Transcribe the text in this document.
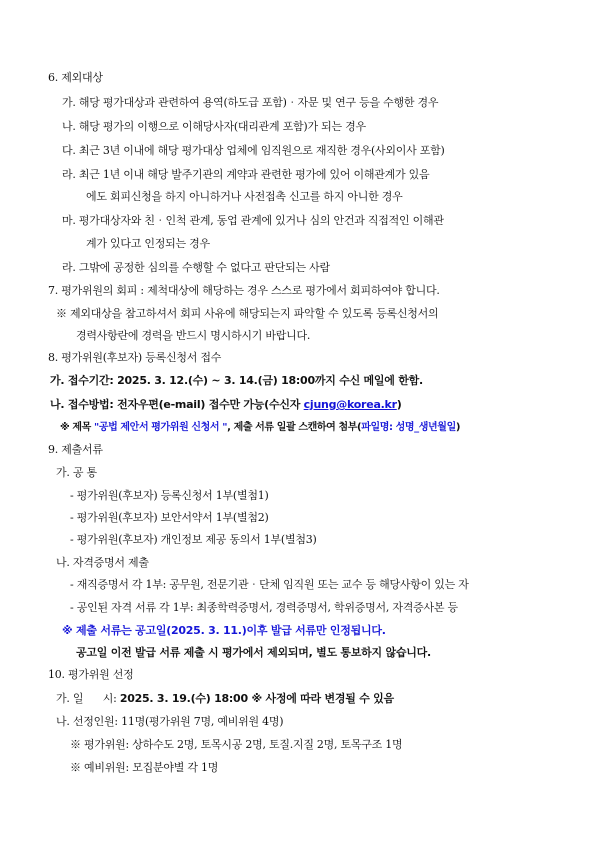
6. 제외대상
가. 해당 평가대상과 관련하여 용역(하도급 포함)‧자문 및 연구 등을 수행한 경우
나. 해당 평가의 이행으로 이해당사자(대리관계 포함)가 되는 경우
다. 최근 3년 이내에 해당 평가대상 업체에 임직원으로 재직한 경우(사외이사 포함)
라. 최근 1년 이내 해당 발주기관의 계약과 관련한 평가에 있어 이해관계가 있음
에도 회피신청을 하지 아니하거나 사전접촉 신고를 하지 아니한 경우
마. 평가대상자와 친‧인척 관계, 동업 관계에 있거나 심의 안건과 직접적인 이해관
계가 있다고 인정되는 경우
라. 그밖에 공정한 심의를 수행할 수 없다고 판단되는 사람
7. 평가위원의 회피 : 제척대상에 해당하는 경우 스스로 평가에서 회피하여야 합니다.
※ 제외대상을 참고하셔서 회피 사유에 해당되는지 파악할 수 있도록 등록신청서의
경력사항란에 경력을 반드시 명시하시기 바랍니다.
8. 평가위원(후보자) 등록신청서 접수
가. 접수기간: 2025. 3. 12.(수) ~ 3. 14.(금) 18:00까지 수신 메일에 한함.
나. 접수방법: 전자우편(e-mail) 접수만 가능(수신자 cjung@korea.kr)
※ 제목 "공법 제안서 평가위원 신청서 ", 제출 서류 일괄 스캔하여 첨부(파일명: 성명_생년월일)
9. 제출서류
가. 공 통
- 평가위원(후보자) 등록신청서 1부(별첨1)
- 평가위원(후보자) 보안서약서 1부(별첨2)
- 평가위원(후보자) 개인정보 제공 동의서 1부(별첨3)
나. 자격증명서 제출
- 재직증명서 각 1부: 공무원, 전문기관‧단체 임직원 또는 교수 등 해당사항이 있는 자
- 공인된 자격 서류 각 1부: 최종학력증명서, 경력증명서, 학위증명서, 자격증사본 등
※ 제출 서류는 공고일(2025. 3. 11.)이후 발급 서류만 인정됩니다.
공고일 이전 발급 서류 제출 시 평가에서 제외되며, 별도 통보하지 않습니다.
10. 평가위원 선정
가. 일      시: 2025. 3. 19.(수) 18:00 ※ 사정에 따라 변경될 수 있음
나. 선정인원: 11명(평가위원 7명, 예비위원 4명)
※ 평가위원: 상하수도 2명, 토목시공 2명, 토질.지질 2명, 토목구조 1명
※ 예비위원: 모집분야별 각 1명
